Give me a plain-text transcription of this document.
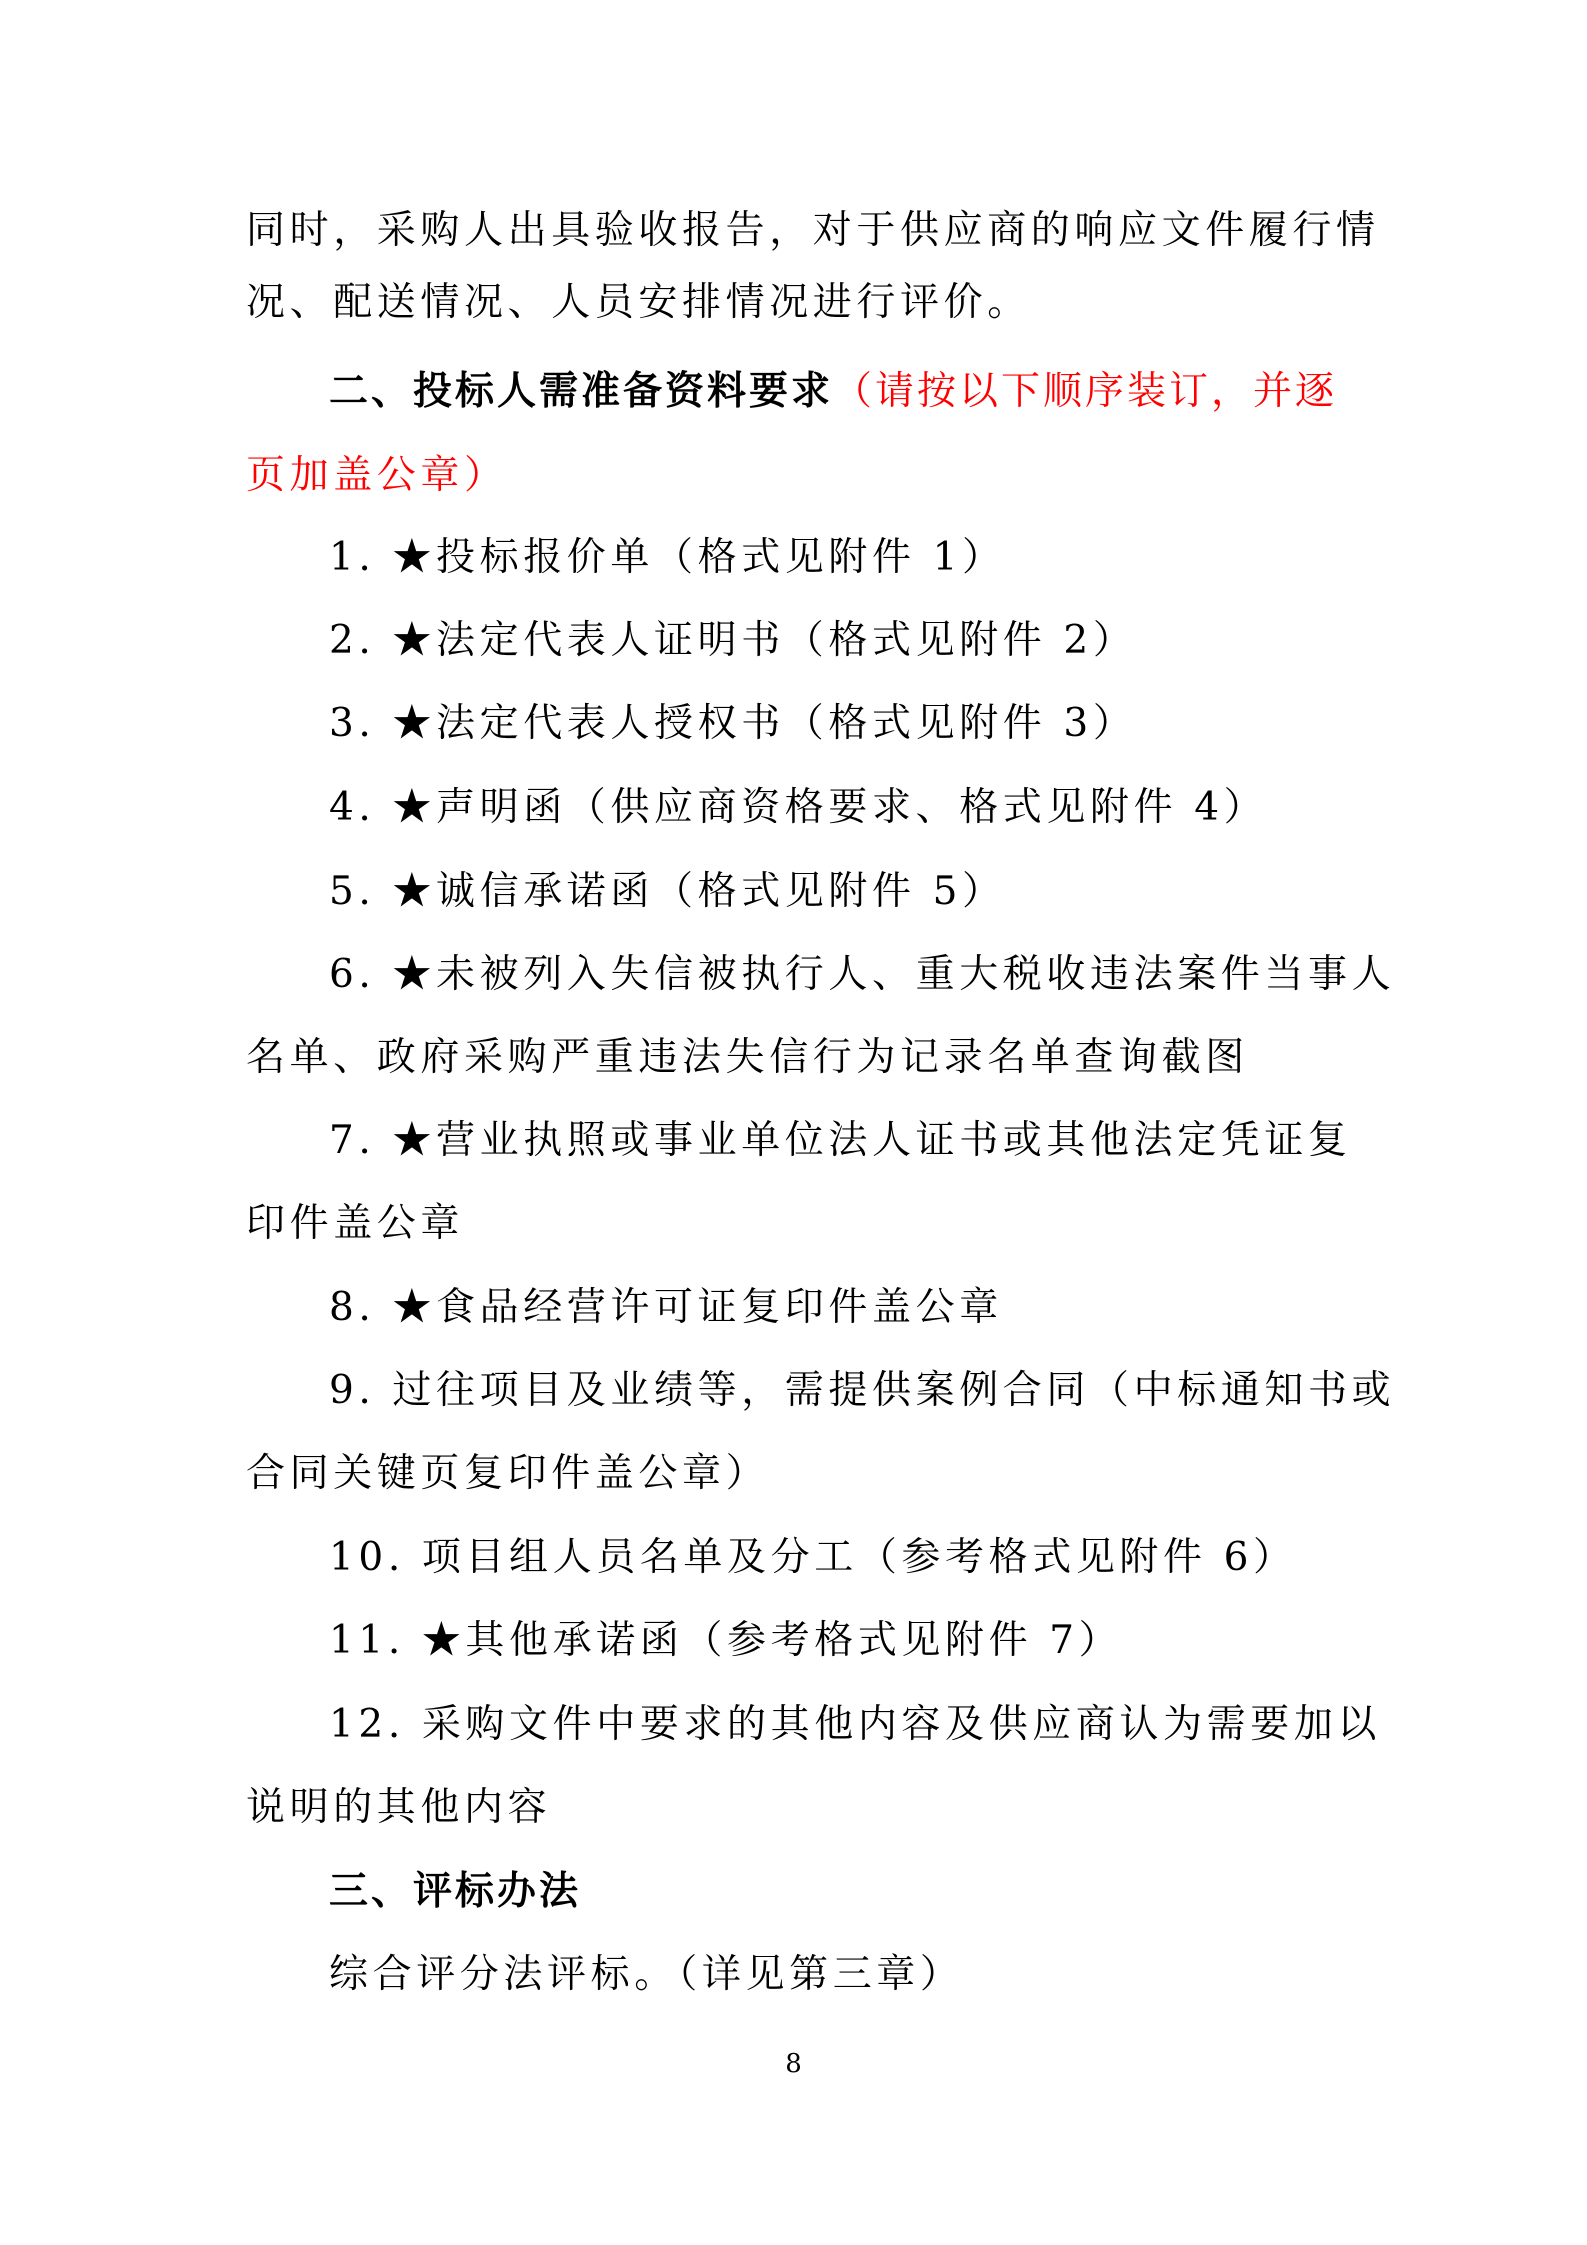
同时，采购人出具验收报告，对于供应商的响应文件履行情
况、配送情况、人员安排情况进行评价。
二、投标人需准备资料要求（请按以下顺序装订，并逐
页加盖公章）
1. ★投标报价单（格式见附件 1）
2. ★法定代表人证明书（格式见附件 2）
3. ★法定代表人授权书（格式见附件 3）
4. ★声明函（供应商资格要求、格式见附件 4）
5. ★诚信承诺函（格式见附件 5）
6. ★未被列入失信被执行人、重大税收违法案件当事人
名单、政府采购严重违法失信行为记录名单查询截图
7. ★营业执照或事业单位法人证书或其他法定凭证复
印件盖公章
8. ★食品经营许可证复印件盖公章
9. 过往项目及业绩等，需提供案例合同（中标通知书或
合同关键页复印件盖公章）
10. 项目组人员名单及分工（参考格式见附件 6）
11. ★其他承诺函（参考格式见附件 7）
12. 采购文件中要求的其他内容及供应商认为需要加以
说明的其他内容
三、评标办法
综合评分法评标。（详见第三章）
8
